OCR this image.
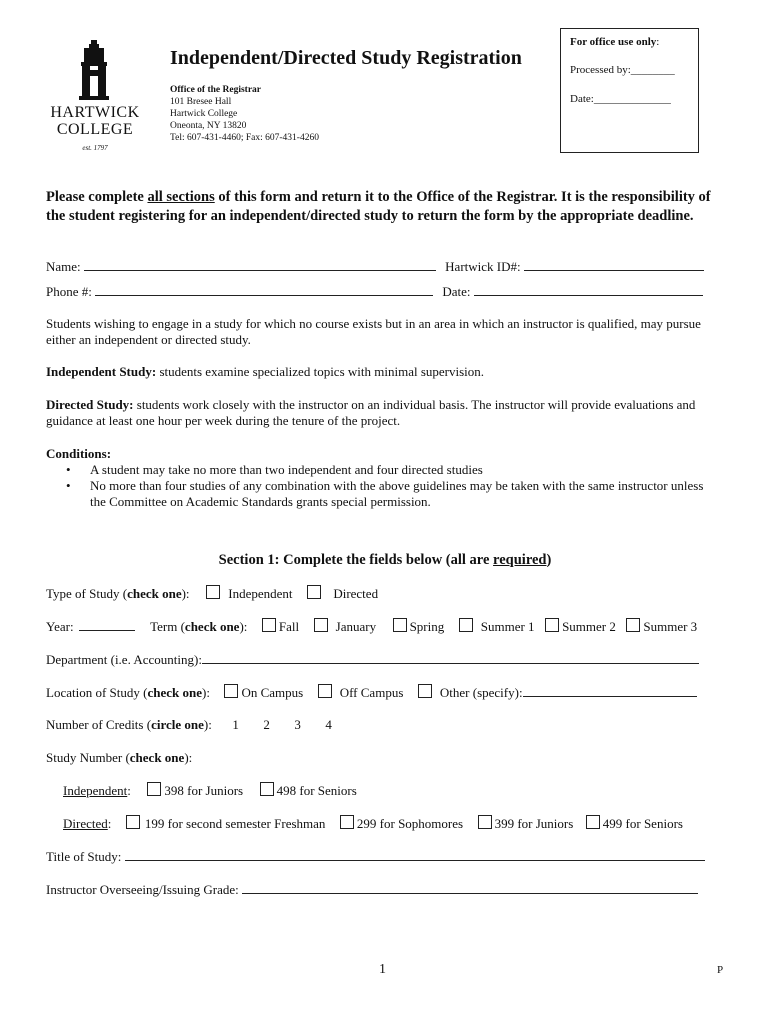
HARTWICK
COLLEGE
est. 1797
Independent/Directed Study Registration
Office of the Registrar
101 Bresee Hall
Hartwick College
Oneonta, NY 13820
Tel: 607-431-4460; Fax: 607-431-4260
For office use only:
Processed by:________
Date:______________
Please complete all sections of this form and return it to the Office of the Registrar. It is the responsibility of the student registering for an independent/directed study to return the form by the appropriate deadline.
Name:	Hartwick ID#:
Phone #:	Date:
Students wishing to engage in a study for which no course exists but in an area in which an instructor is qualified, may pursue either an independent or directed study.
Independent Study: students examine specialized topics with minimal supervision.
Directed Study: students work closely with the instructor on an individual basis. The instructor will provide evaluations and guidance at least one hour per week during the tenure of the project.
Conditions:
•	A student may take no more than two independent and four directed studies
•	No more than four studies of any combination with the above guidelines may be taken with the same instructor unless the Committee on Academic Standards grants special permission.
Section 1: Complete the fields below (all are required)
Type of Study (check one):	Independent	Directed
Year:	Term (check one): Fall	January	Spring	Summer 1 Summer 2 Summer 3
Department (i.e. Accounting):
Location of Study (check one): On Campus	Off Campus	Other (specify):
Number of Credits (circle one): 1 2 3 4
Study Number (check one):
Independent:	398 for Juniors	498 for Seniors
Directed:	199 for second semester Freshman 299 for Sophomores 399 for Juniors 499 for Seniors
Title of Study:
Instructor Overseeing/Issuing Grade:
1	P
